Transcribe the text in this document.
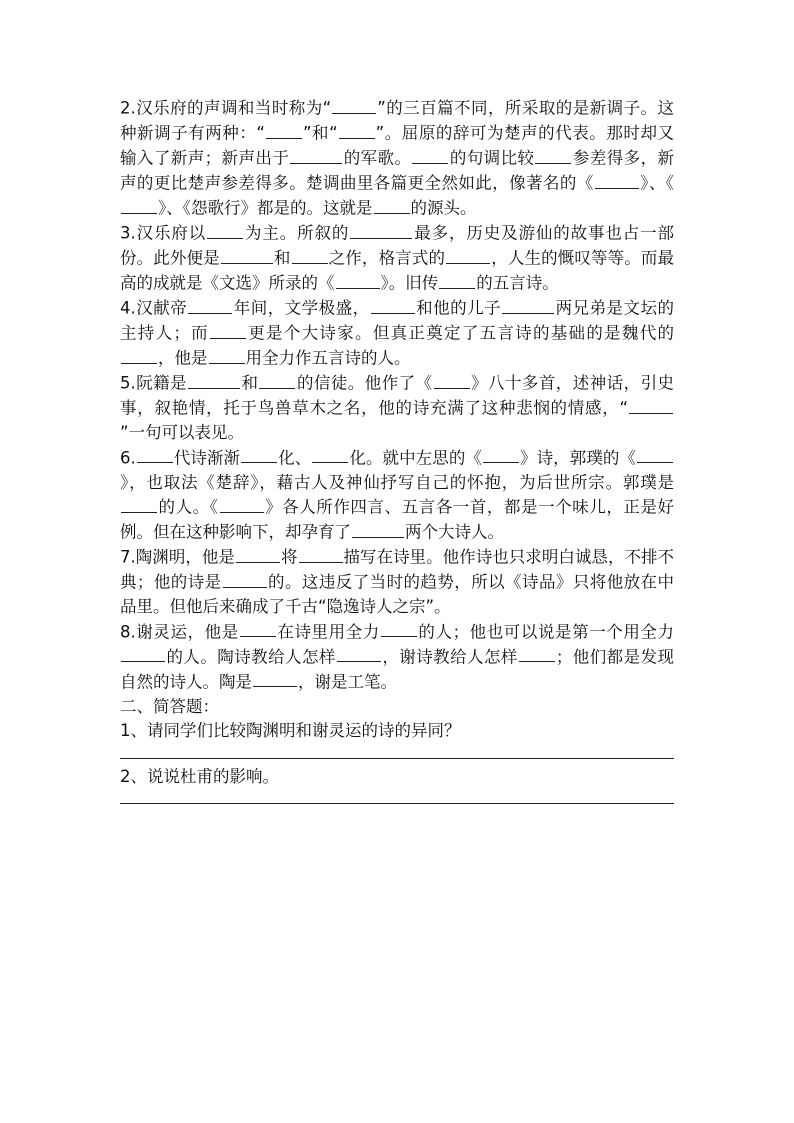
2.汉乐府的声调和当时称为“	”的三百篇不同，所采取的是新调子。这种新调子有两种：“ ”和“ ”。屈原的辞可为楚声的代表。那时却又输入了新声；新声出于	的军歌。 的句调比较 参差得多，新声的更比楚声参差得多。楚调曲里各篇更全然如此，像著名的《	》、《》、《怨歌行》都是的。这就是 的源头。

3.汉乐府以 为主。所叙的	最多，历史及游仙的故事也占一部份。此外便是	和 之作，格言式的	，人生的慨叹等等。而最高的成就是《文选》所录的《	》。旧传 的五言诗。

4.汉献帝	年间，文学极盛，	和他的儿子	两兄弟是文坛的主持人；而 更是个大诗家。但真正奠定了五言诗的基础的是魏代的，他是 用全力作五言诗的人。

5.阮籍是	和 的信徒。他作了《 》八十多首，述神话，引史事，叙艳情，托于鸟兽草木之名，他的诗充满了这种悲悯的情感，“”一句可以表见。

6. 代诗渐渐 化、 化。就中左思的《 》诗，郭璞的《》，也取法《楚辞》，藉古人及神仙抒写自己的怀抱，为后世所宗。郭璞是的人。《	》各人所作四言、五言各一首，都是一个味儿，正是好例。但在这种影响下，却孕育了	两个大诗人。

7.陶渊明，他是	将	描写在诗里。他作诗也只求明白诚恳，不排不典；他的诗是	的。这违反了当时的趋势，所以《诗品》只将他放在中品里。但他后来确成了千古“隐逸诗人之宗”。

8.谢灵运，他是 在诗里用全力 的人；他也可以说是第一个用全力的人。陶诗教给人怎样	，谢诗教给人怎样 ；他们都是发现自然的诗人。陶是	，谢是工笔。

二、简答题：

1、请同学们比较陶渊明和谢灵运的诗的异同？

2、说说杜甫的影响。
